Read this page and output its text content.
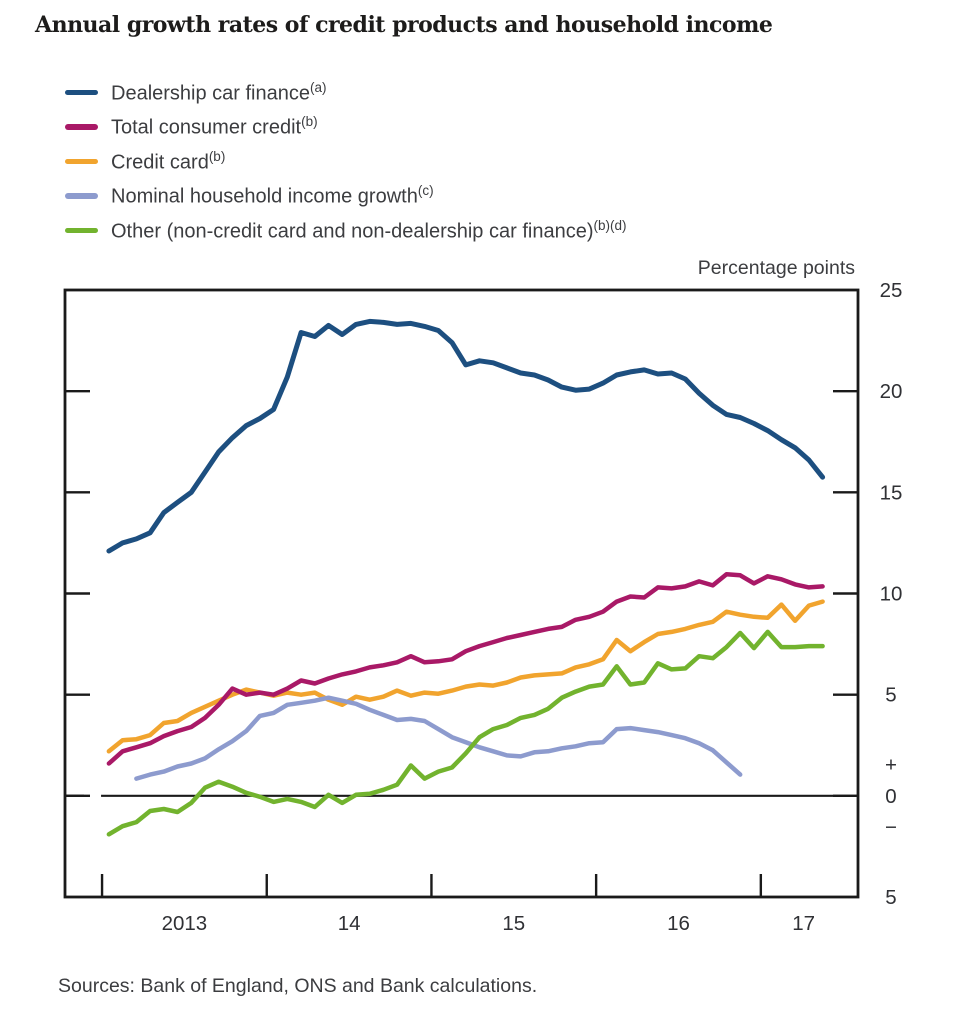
Annual growth rates of credit products and household income
Dealership car finance$^{(a)}$
Total consumer credit$^{(b)}$
Credit card$^{(b)}$
Nominal household income growth$^{(c)}$
Other (non-credit card and non-dealership car finance)$^{(b)(d)}$
Percentage points
25
20
15
10
5
+
0
−
5
2013	14	15	16	17
Sources: Bank of England, ONS and Bank calculations.
